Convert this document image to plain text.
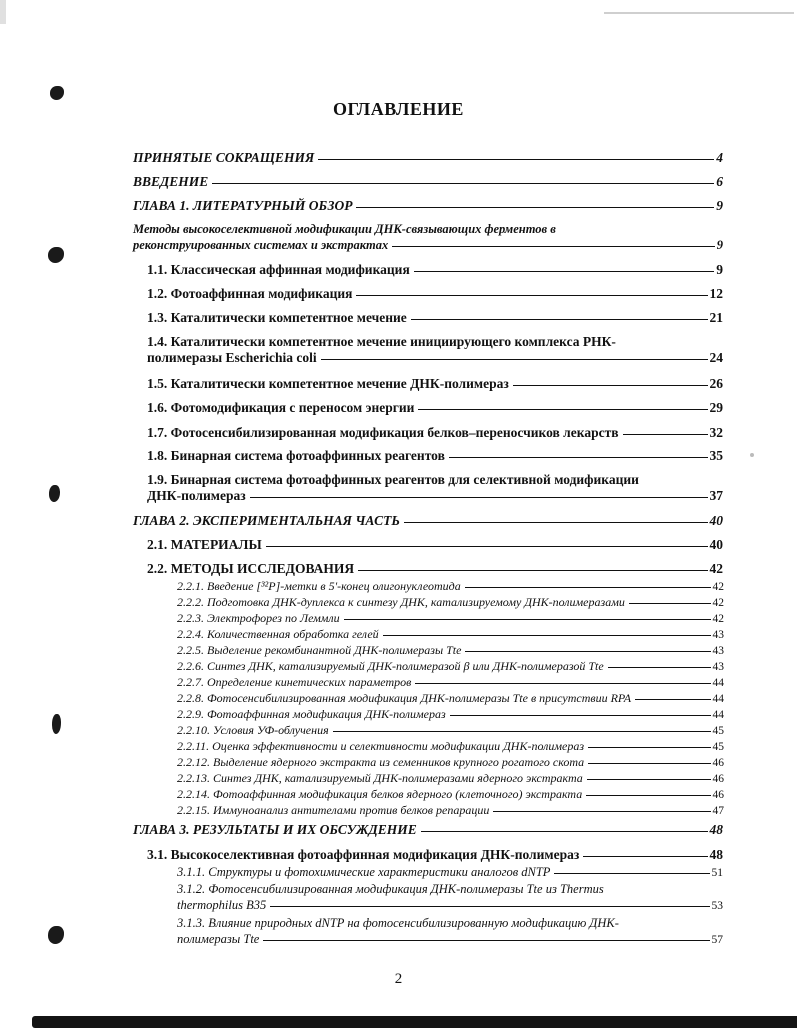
ОГЛАВЛЕНИЕ
ПРИНЯТЫЕ СОКРАЩЕНИЯ	4
ВВЕДЕНИЕ	6
ГЛАВА 1. ЛИТЕРАТУРНЫЙ ОБЗОР	9
Методы высокоселективной модификации ДНК-связывающих ферментов в
реконструированных системах и экстрактах	9
1.1. Классическая аффинная модификация	9
1.2. Фотоаффинная модификация	12
1.3. Каталитически компетентное мечение	21
1.4. Каталитически компетентное мечение инициирующего комплекса РНК-
полимеразы Escherichia coli	24
1.5. Каталитически компетентное мечение ДНК-полимераз	26
1.6. Фотомодификация с переносом энергии	29
1.7. Фотосенсибилизированная модификация белков–переносчиков лекарств	32
1.8. Бинарная система фотоаффинных реагентов	35
1.9. Бинарная система фотоаффинных реагентов для селективной модификации
ДНК-полимераз	37
ГЛАВА 2. ЭКСПЕРИМЕНТАЛЬНАЯ ЧАСТЬ	40
2.1. МАТЕРИАЛЫ	40
2.2. МЕТОДЫ ИССЛЕДОВАНИЯ	42
2.2.1. Введение [³²P]-метки в 5'-конец олигонуклеотида	42
2.2.2. Подготовка ДНК-дуплекса к синтезу ДНК, катализируемому ДНК-полимеразами	42
2.2.3. Электрофорез по Леммли	42
2.2.4. Количественная обработка гелей	43
2.2.5. Выделение рекомбинантной ДНК-полимеразы Tte	43
2.2.6. Синтез ДНК, катализируемый ДНК-полимеразой β или ДНК-полимеразой Tte	43
2.2.7. Определение кинетических параметров	44
2.2.8. Фотосенсибилизированная модификация ДНК-полимеразы Tte в присутствии RPA	44
2.2.9. Фотоаффинная модификация ДНК-полимераз	44
2.2.10. Условия УФ-облучения	45
2.2.11. Оценка эффективности и селективности модификации ДНК-полимераз	45
2.2.12. Выделение ядерного экстракта из семенников крупного рогатого скота	46
2.2.13. Синтез ДНК, катализируемый ДНК-полимеразами ядерного экстракта	46
2.2.14. Фотоаффинная модификация белков ядерного (клеточного) экстракта	46
2.2.15. Иммуноанализ антителами против белков репарации	47
ГЛАВА 3. РЕЗУЛЬТАТЫ И ИХ ОБСУЖДЕНИЕ	48
3.1. Высокоселективная фотоаффинная модификация ДНК-полимераз	48
3.1.1. Структуры и фотохимические характеристики аналогов dNTP	51
3.1.2. Фотосенсибилизированная модификация ДНК-полимеразы Tte из Thermus
thermophilus B35	53
3.1.3. Влияние природных dNTP на фотосенсибилизированную модификацию ДНК-
полимеразы Tte	57
2
